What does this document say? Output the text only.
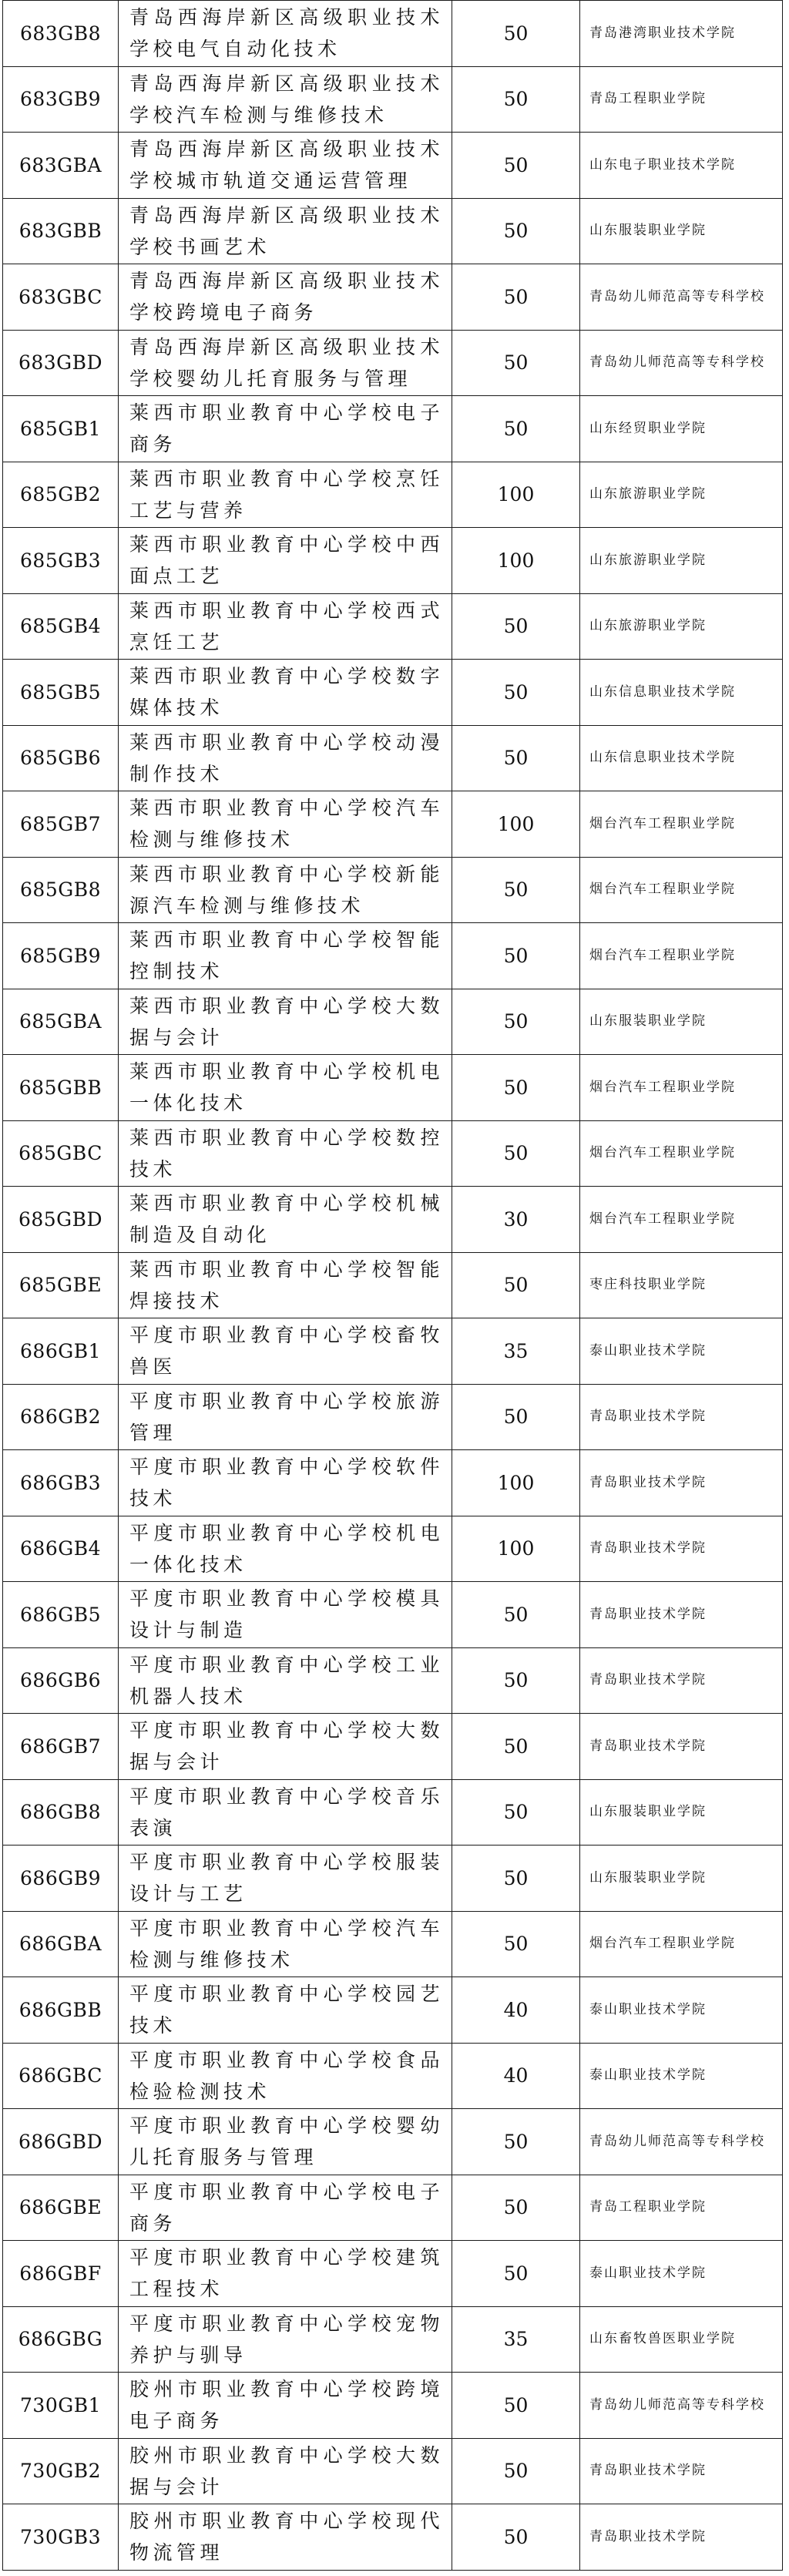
683GB8	青岛西海岸新区高级职业技术学校电气自动化技术	50	青岛港湾职业技术学院
683GB9	青岛西海岸新区高级职业技术学校汽车检测与维修技术	50	青岛工程职业学院
683GBA	青岛西海岸新区高级职业技术学校城市轨道交通运营管理	50	山东电子职业技术学院
683GBB	青岛西海岸新区高级职业技术学校书画艺术	50	山东服装职业学院
683GBC	青岛西海岸新区高级职业技术学校跨境电子商务	50	青岛幼儿师范高等专科学校
683GBD	青岛西海岸新区高级职业技术学校婴幼儿托育服务与管理	50	青岛幼儿师范高等专科学校
685GB1	莱西市职业教育中心学校电子商务	50	山东经贸职业学院
685GB2	莱西市职业教育中心学校烹饪工艺与营养	100	山东旅游职业学院
685GB3	莱西市职业教育中心学校中西面点工艺	100	山东旅游职业学院
685GB4	莱西市职业教育中心学校西式烹饪工艺	50	山东旅游职业学院
685GB5	莱西市职业教育中心学校数字媒体技术	50	山东信息职业技术学院
685GB6	莱西市职业教育中心学校动漫制作技术	50	山东信息职业技术学院
685GB7	莱西市职业教育中心学校汽车检测与维修技术	100	烟台汽车工程职业学院
685GB8	莱西市职业教育中心学校新能源汽车检测与维修技术	50	烟台汽车工程职业学院
685GB9	莱西市职业教育中心学校智能控制技术	50	烟台汽车工程职业学院
685GBA	莱西市职业教育中心学校大数据与会计	50	山东服装职业学院
685GBB	莱西市职业教育中心学校机电一体化技术	50	烟台汽车工程职业学院
685GBC	莱西市职业教育中心学校数控技术	50	烟台汽车工程职业学院
685GBD	莱西市职业教育中心学校机械制造及自动化	30	烟台汽车工程职业学院
685GBE	莱西市职业教育中心学校智能焊接技术	50	枣庄科技职业学院
686GB1	平度市职业教育中心学校畜牧兽医	35	泰山职业技术学院
686GB2	平度市职业教育中心学校旅游管理	50	青岛职业技术学院
686GB3	平度市职业教育中心学校软件技术	100	青岛职业技术学院
686GB4	平度市职业教育中心学校机电一体化技术	100	青岛职业技术学院
686GB5	平度市职业教育中心学校模具设计与制造	50	青岛职业技术学院
686GB6	平度市职业教育中心学校工业机器人技术	50	青岛职业技术学院
686GB7	平度市职业教育中心学校大数据与会计	50	青岛职业技术学院
686GB8	平度市职业教育中心学校音乐表演	50	山东服装职业学院
686GB9	平度市职业教育中心学校服装设计与工艺	50	山东服装职业学院
686GBA	平度市职业教育中心学校汽车检测与维修技术	50	烟台汽车工程职业学院
686GBB	平度市职业教育中心学校园艺技术	40	泰山职业技术学院
686GBC	平度市职业教育中心学校食品检验检测技术	40	泰山职业技术学院
686GBD	平度市职业教育中心学校婴幼儿托育服务与管理	50	青岛幼儿师范高等专科学校
686GBE	平度市职业教育中心学校电子商务	50	青岛工程职业学院
686GBF	平度市职业教育中心学校建筑工程技术	50	泰山职业技术学院
686GBG	平度市职业教育中心学校宠物养护与驯导	35	山东畜牧兽医职业学院
730GB1	胶州市职业教育中心学校跨境电子商务	50	青岛幼儿师范高等专科学校
730GB2	胶州市职业教育中心学校大数据与会计	50	青岛职业技术学院
730GB3	胶州市职业教育中心学校现代物流管理	50	青岛职业技术学院
